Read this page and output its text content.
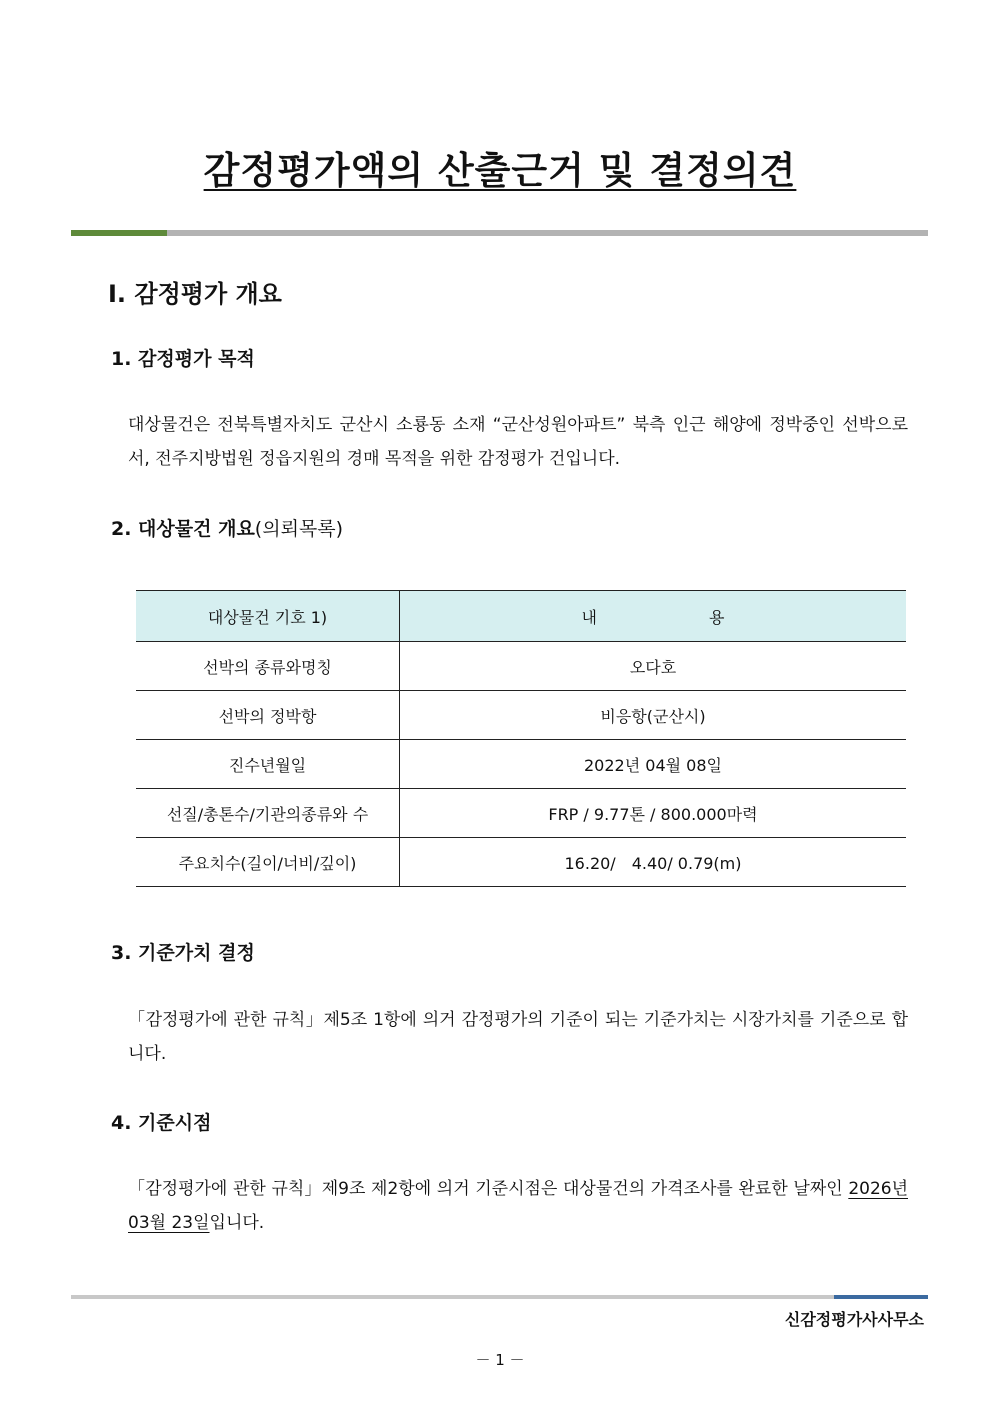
감정평가액의 산출근거 및 결정의견
Ⅰ. 감정평가 개요
1. 감정평가 목적
대상물건은 전북특별자치도 군산시 소룡동 소재 “군산성원아파트” 북측 인근 해양에 정박중인 선박으로서, 전주지방법원 정읍지원의 경매 목적을 위한 감정평가 건입니다.
2. 대상물건 개요(의뢰목록)
대상물건 기호 1)	내　　　　　　　용
선박의 종류와명칭	오다호
선박의 정박항	비응항(군산시)
진수년월일	2022년 04월 08일
선질/총톤수/기관의종류와 수	FRP / 9.77톤 / 800.000마력
주요치수(길이/너비/깊이)	16.20/　4.40/ 0.79(m)
3. 기준가치 결정
「감정평가에 관한 규칙」제5조 1항에 의거 감정평가의 기준이 되는 기준가치는 시장가치를 기준으로 합니다.
4. 기준시점
「감정평가에 관한 규칙」제9조 제2항에 의거 기준시점은 대상물건의 가격조사를 완료한 날짜인 2026년 03월 23일입니다.
신감정평가사사무소
－ 1 －
